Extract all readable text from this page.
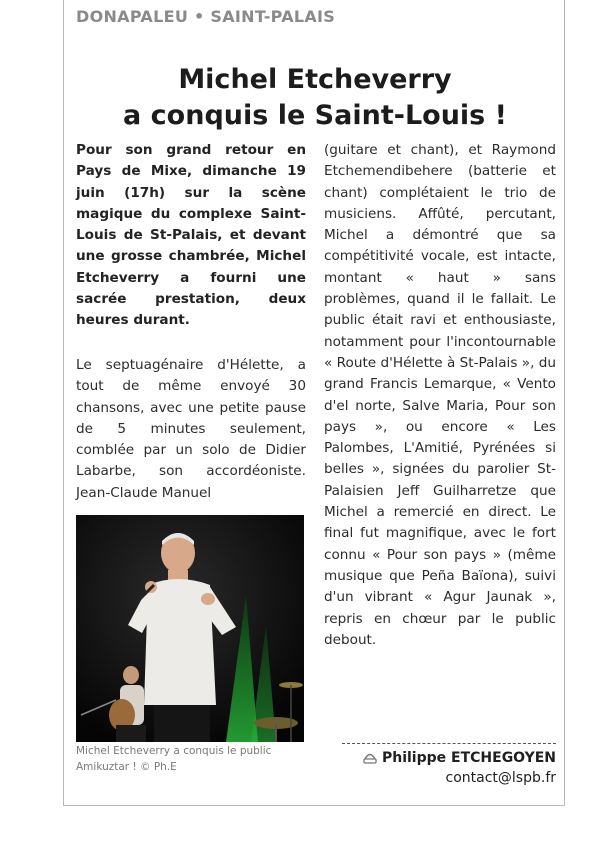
DONAPALEU • SAINT-PALAIS
Michel Etcheverry
a conquis le Saint-Louis !

Pour son grand retour en Pays de Mixe, dimanche 19 juin (17h) sur la scène magique du complexe Saint-Louis de St-Palais, et devant une grosse chambrée, Michel Etcheverry a fourni une sacrée prestation, deux heures durant.

Le septuagénaire d'Hélette, a tout de même envoyé 30 chansons, avec une petite pause de 5 minutes seulement, comblée par un solo de Didier Labarbe, son accordéoniste. Jean-Claude Manuel

(guitare et chant), et Raymond Etchemendibehere (batterie et chant) complétaient le trio de musiciens. Affûté, percutant, Michel a démontré que sa compétitivité vocale, est intacte, montant « haut » sans problèmes, quand il le fallait. Le public était ravi et enthousiaste, notamment pour l'incontournable « Route d'Hélette à St-Palais », du grand Francis Lemarque, « Vento d'el norte, Salve Maria, Pour son pays », ou encore « Les Palombes, L'Amitié, Pyrénées si belles », signées du parolier St-Palaisien Jeff Guilharretze que Michel a remercié en direct. Le final fut magnifique, avec le fort connu « Pour son pays » (même musique que Peña Baïona), suivi d'un vibrant « Agur Jaunak », repris en chœur par le public debout.

Michel Etcheverry a conquis le public Amikuztar ! © Ph.E

Philippe ETCHEGOYEN
contact@lspb.fr
